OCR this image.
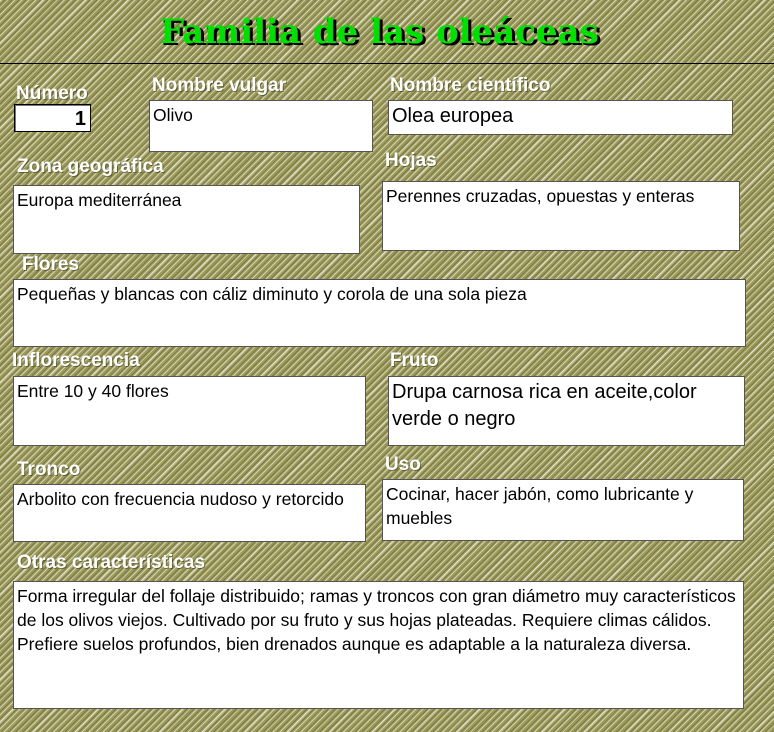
Familia de las oleáceas

Número

1

Nombre vulgar

Olivo

Nombre científico

Olea europea

Zona geográfica

Europa mediterránea

Hojas

Perennes cruzadas, opuestas y enteras

Flores

Pequeñas y blancas con cáliz diminuto y corola de una sola pieza

Inflorescencia

Entre 10 y 40 flores

Fruto

Drupa carnosa rica en aceite,color verde o negro

Tronco

Arbolito con frecuencia nudoso y retorcido

Uso

Cocinar, hacer jabón, como lubricante y muebles

Otras características

Forma irregular del follaje distribuido; ramas y troncos con gran diámetro muy característicos de los olivos viejos. Cultivado por su fruto y sus hojas plateadas. Requiere climas cálidos. Prefiere suelos profundos, bien drenados aunque es adaptable a la naturaleza diversa.
